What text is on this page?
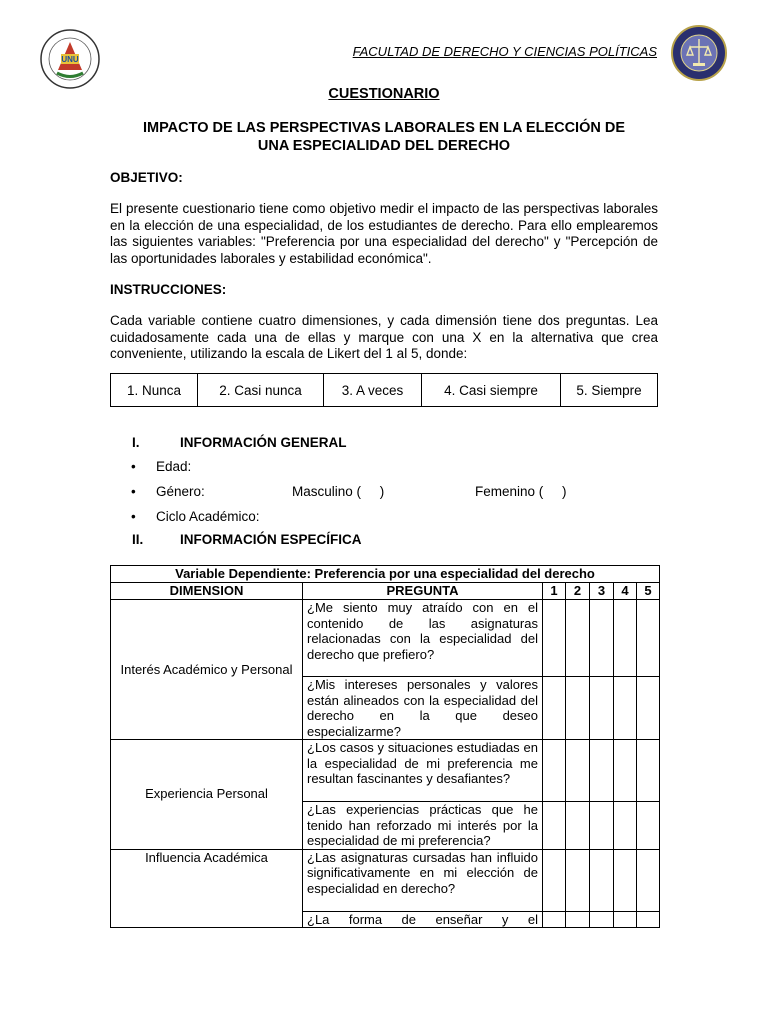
UNU
FACULTAD DE DERECHO Y CIENCIAS POLÍTICAS
CUESTIONARIO
IMPACTO DE LAS PERSPECTIVAS LABORALES EN LA ELECCIÓN DE
UNA ESPECIALIDAD DEL DERECHO
OBJETIVO:
El presente cuestionario tiene como objetivo medir el impacto de las perspectivas laborales en la elección de una especialidad, de los estudiantes de derecho. Para ello emplearemos las siguientes variables: "Preferencia por una especialidad del derecho" y "Percepción de las oportunidades laborales y estabilidad económica".
INSTRUCCIONES:
Cada variable contiene cuatro dimensiones, y cada dimensión tiene dos preguntas. Lea cuidadosamente cada una de ellas y marque con una X en la alternativa que crea conveniente, utilizando la escala de Likert del 1 al 5, donde:
1. Nunca	2. Casi nunca	3. A veces	4. Casi siempre	5. Siempre
I.	INFORMACIÓN GENERAL
• Edad:
• Género:	Masculino (     )	Femenino (     )
• Ciclo Académico:
II.	INFORMACIÓN ESPECÍFICA
Variable Dependiente: Preferencia por una especialidad del derecho						
DIMENSION	PREGUNTA	1	2	3	4	5
Interés Académico y Personal	¿Me siento muy atraído con en el contenido de las asignaturas relacionadas con la especialidad del derecho que prefiero?					
	¿Mis intereses personales y valores están alineados con la especialidad del derecho en la que deseo especializarme?					
Experiencia Personal	¿Los casos y situaciones estudiadas en la especialidad de mi preferencia me resultan fascinantes y desafiantes?					
	¿Las experiencias prácticas que he tenido han reforzado mi interés por la especialidad de mi preferencia?					
Influencia Académica	¿Las asignaturas cursadas han influido significativamente en mi elección de especialidad en derecho?					
	¿La forma de enseñar y el					
